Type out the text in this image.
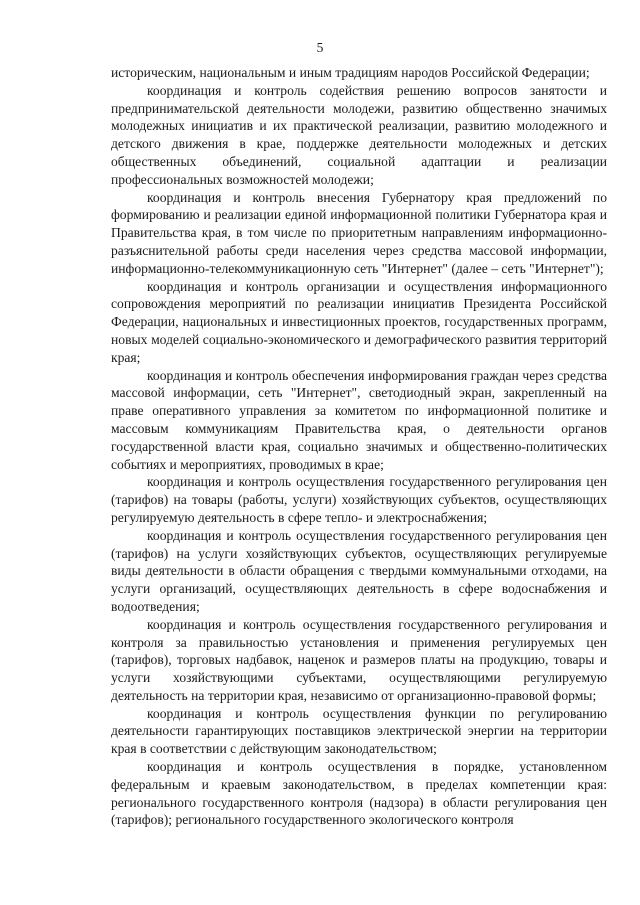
5

историческим, национальным и иным традициям народов Российской Федерации;

координация и контроль содействия решению вопросов занятости и предпринимательской деятельности молодежи, развитию общественно значимых молодежных инициатив и их практической реализации, развитию молодежного и детского движения в крае, поддержке деятельности молодежных и детских общественных объединений, социальной адаптации и реализации профессиональных возможностей молодежи;

координация и контроль внесения Губернатору края предложений по формированию и реализации единой информационной политики Губернатора края и Правительства края, в том числе по приоритетным направлениям информационно-разъяснительной работы среди населения через средства массовой информации, информационно-телекоммуникационную сеть "Интернет" (далее – сеть "Интернет");

координация и контроль организации и осуществления информационного сопровождения мероприятий по реализации инициатив Президента Российской Федерации, национальных и инвестиционных проектов, государственных программ, новых моделей социально-экономического и демографического развития территорий края;

координация и контроль обеспечения информирования граждан через средства массовой информации, сеть "Интернет", светодиодный экран, закрепленный на праве оперативного управления за комитетом по информационной политике и массовым коммуникациям Правительства края, о деятельности органов государственной власти края, социально значимых и общественно-политических событиях и мероприятиях, проводимых в крае;

координация и контроль осуществления государственного регулирования цен (тарифов) на товары (работы, услуги) хозяйствующих субъектов, осуществляющих регулируемую деятельность в сфере тепло- и электроснабжения;

координация и контроль осуществления государственного регулирования цен (тарифов) на услуги хозяйствующих субъектов, осуществляющих регулируемые виды деятельности в области обращения с твердыми коммунальными отходами, на услуги организаций, осуществляющих деятельность в сфере водоснабжения и водоотведения;

координация и контроль осуществления государственного регулирования и контроля за правильностью установления и применения регулируемых цен (тарифов), торговых надбавок, наценок и размеров платы на продукцию, товары и услуги хозяйствующими субъектами, осуществляющими регулируемую деятельность на территории края, независимо от организационно-правовой формы;

координация и контроль осуществления функции по регулированию деятельности гарантирующих поставщиков электрической энергии на территории края в соответствии с действующим законодательством;

координация и контроль осуществления в порядке, установленном федеральным и краевым законодательством, в пределах компетенции края: регионального государственного контроля (надзора) в области регулирования цен (тарифов); регионального государственного экологического контроля
